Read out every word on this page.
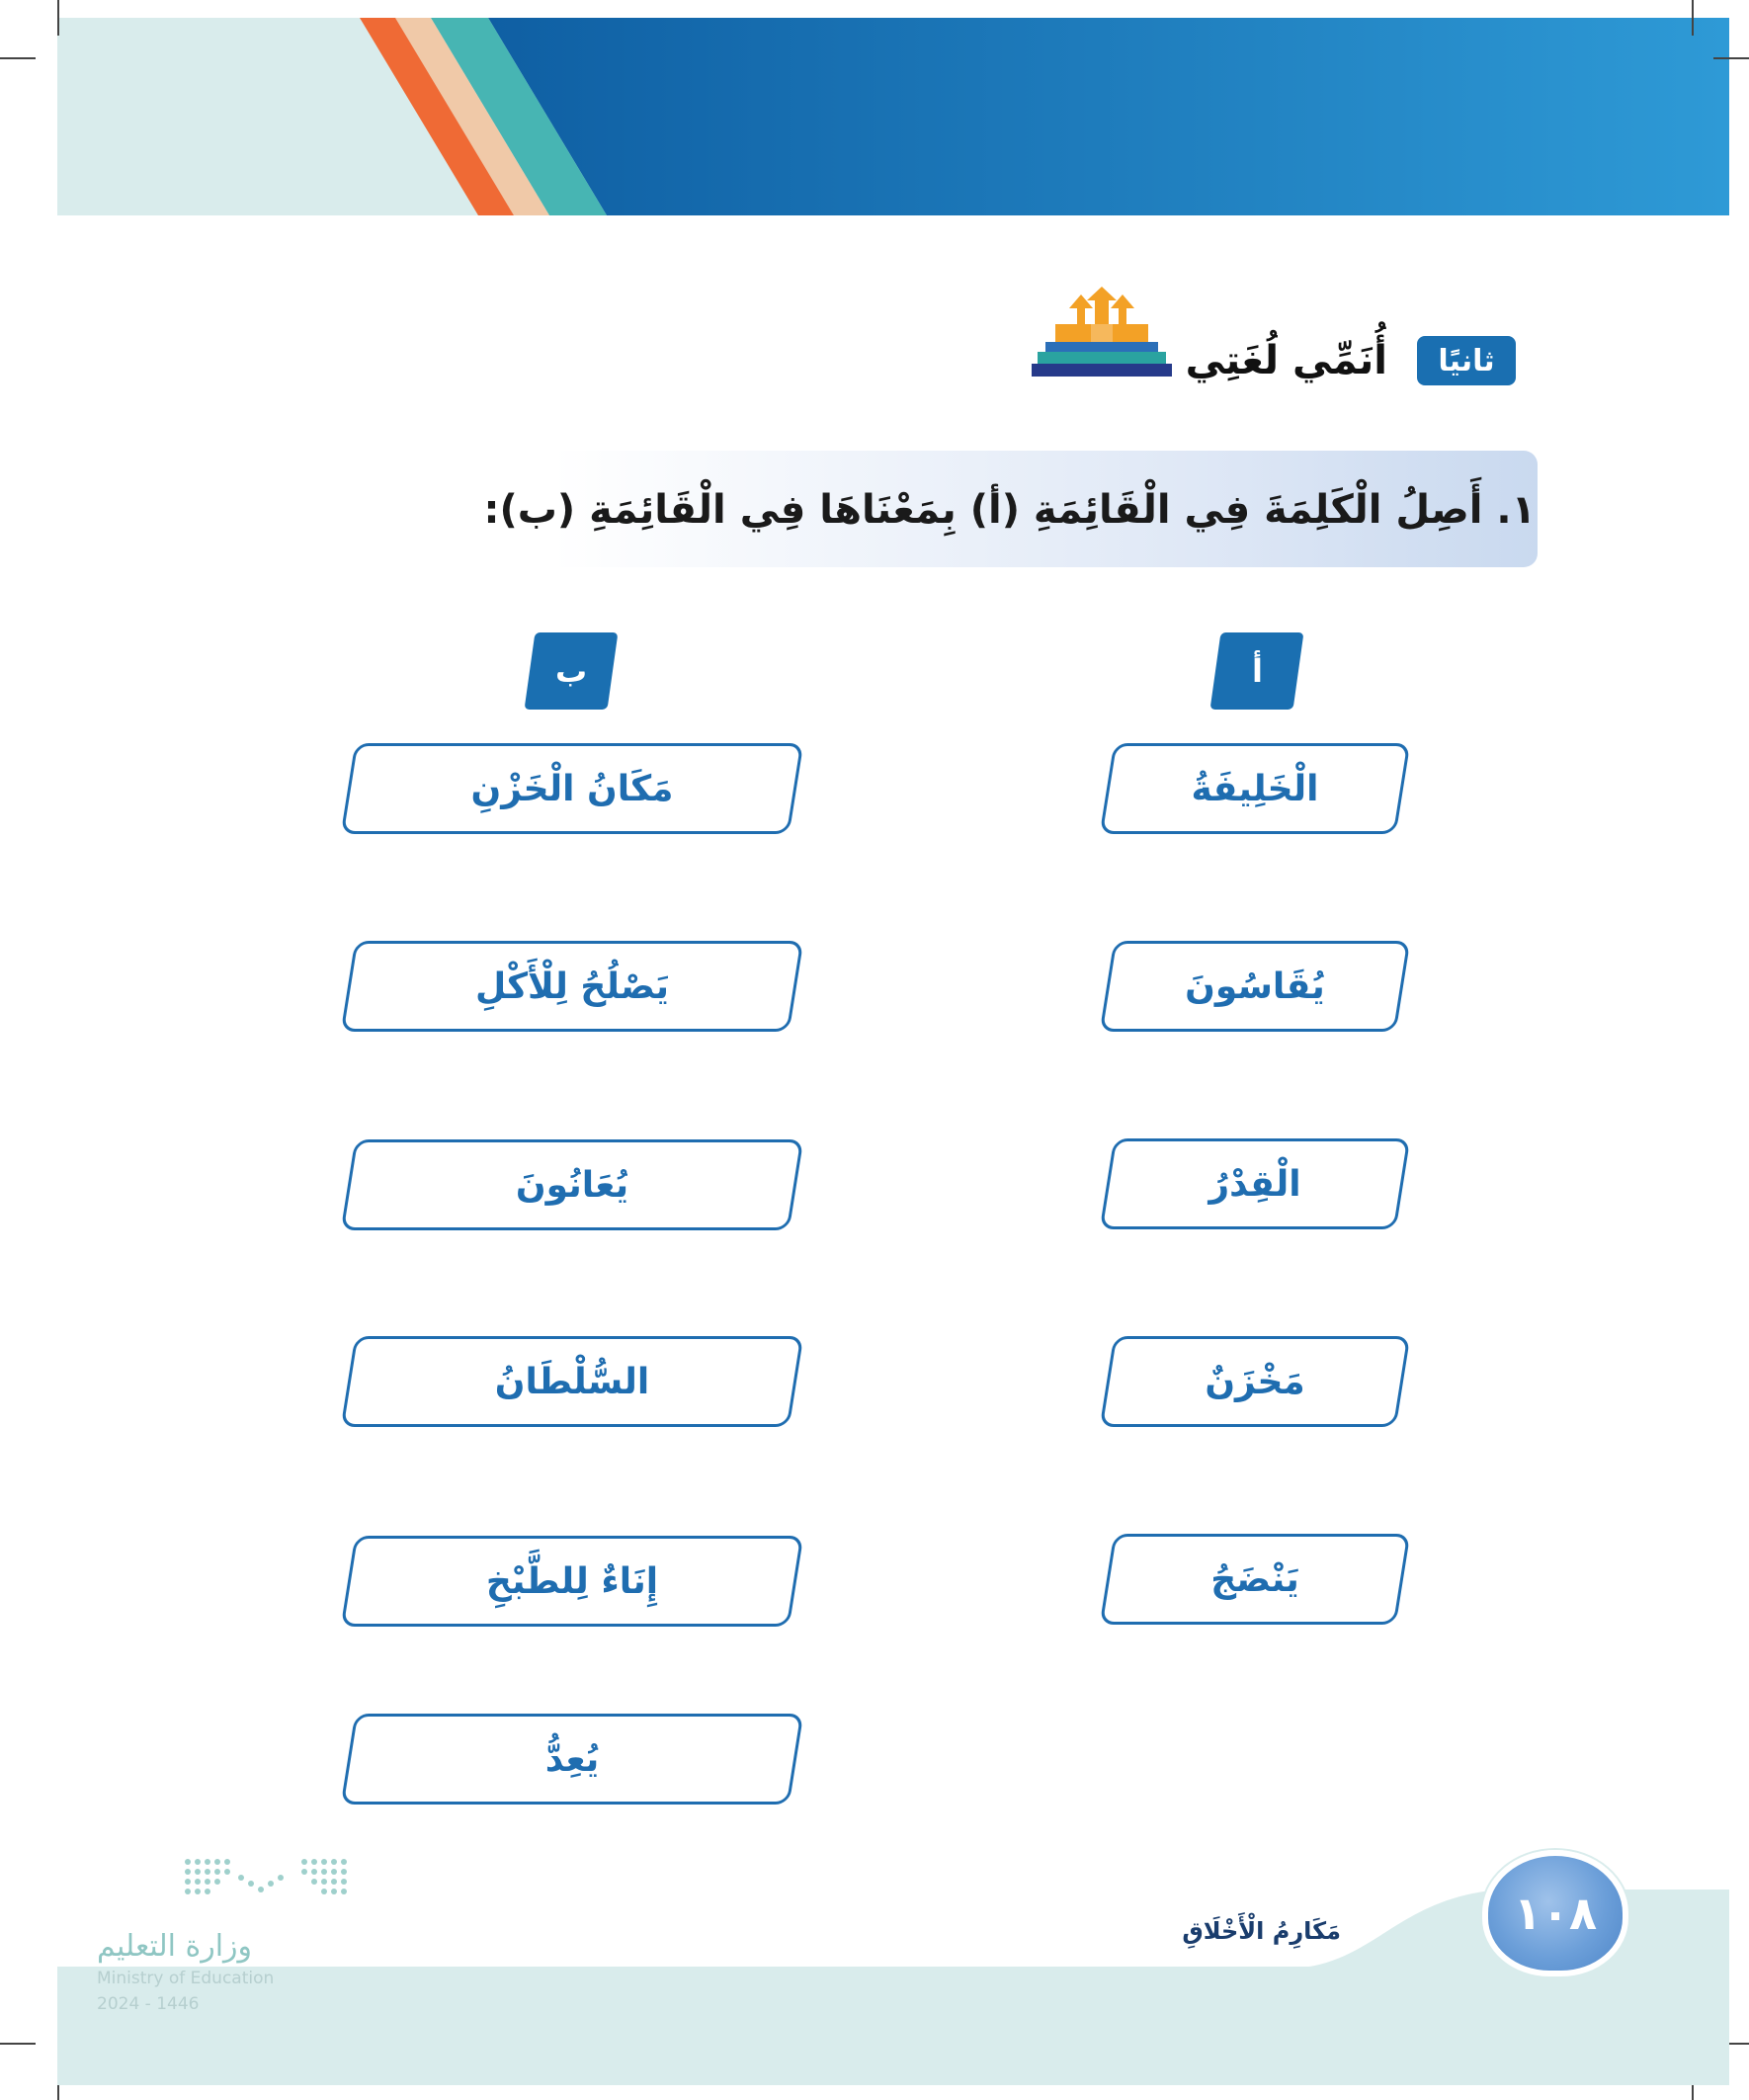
ثانيًا
أُنَمِّي لُغَتِي
١. أَصِلُ الْكَلِمَةَ فِي الْقَائِمَةِ (أ) بِمَعْنَاهَا فِي الْقَائِمَةِ (ب):
أ
ب
الْخَلِيفَةُ
يُقَاسُونَ
الْقِدْرُ
مَخْزَنٌ
يَنْضَجُ
مَكَانُ الْخَزْنِ
يَصْلُحُ لِلْأَكْلِ
يُعَانُونَ
السُّلْطَانُ
إِنَاءٌ لِلطَّبْخِ
يُعِدُّ
١٠٨
مَكَارِمُ الْأَخْلَاقِ
وزارة التعليم
Ministry of Education
2024 - 1446
